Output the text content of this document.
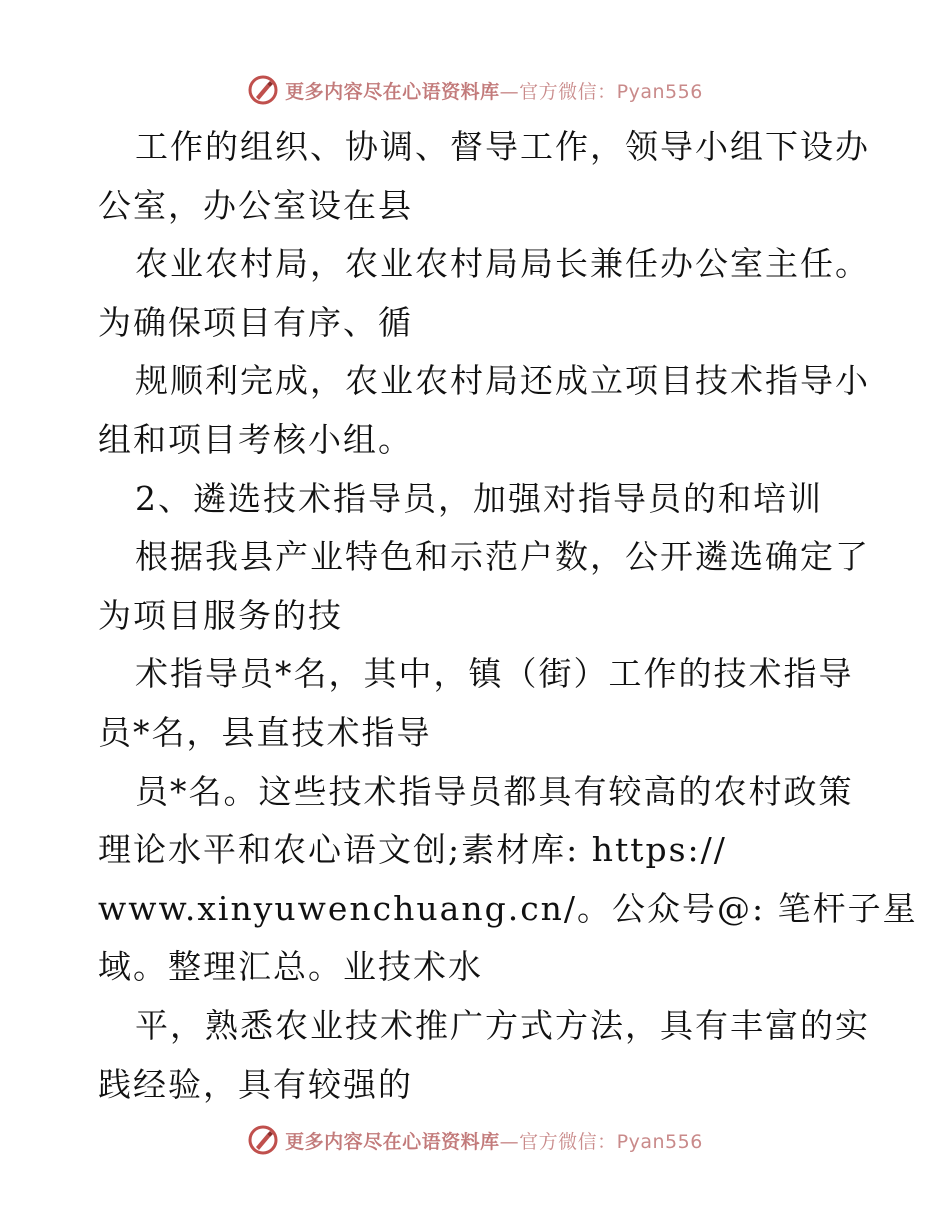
更多内容尽在心语资料库—官方微信：Pyan556
工作的组织、协调、督导工作，领导小组下设办
公室，办公室设在县
农业农村局，农业农村局局长兼任办公室主任。
为确保项目有序、循
规顺利完成，农业农村局还成立项目技术指导小
组和项目考核小组。
2、遴选技术指导员，加强对指导员的和培训
根据我县产业特色和示范户数，公开遴选确定了
为项目服务的技
术指导员*名，其中，镇（街）工作的技术指导
员*名，县直技术指导
员*名。这些技术指导员都具有较高的农村政策
理论水平和农心语文创;素材库: https://
www.xinyuwenchuang.cn/。公众号@: 笔杆子星
域。整理汇总。业技术水
平，熟悉农业技术推广方式方法，具有丰富的实
践经验，具有较强的
更多内容尽在心语资料库—官方微信：Pyan556
